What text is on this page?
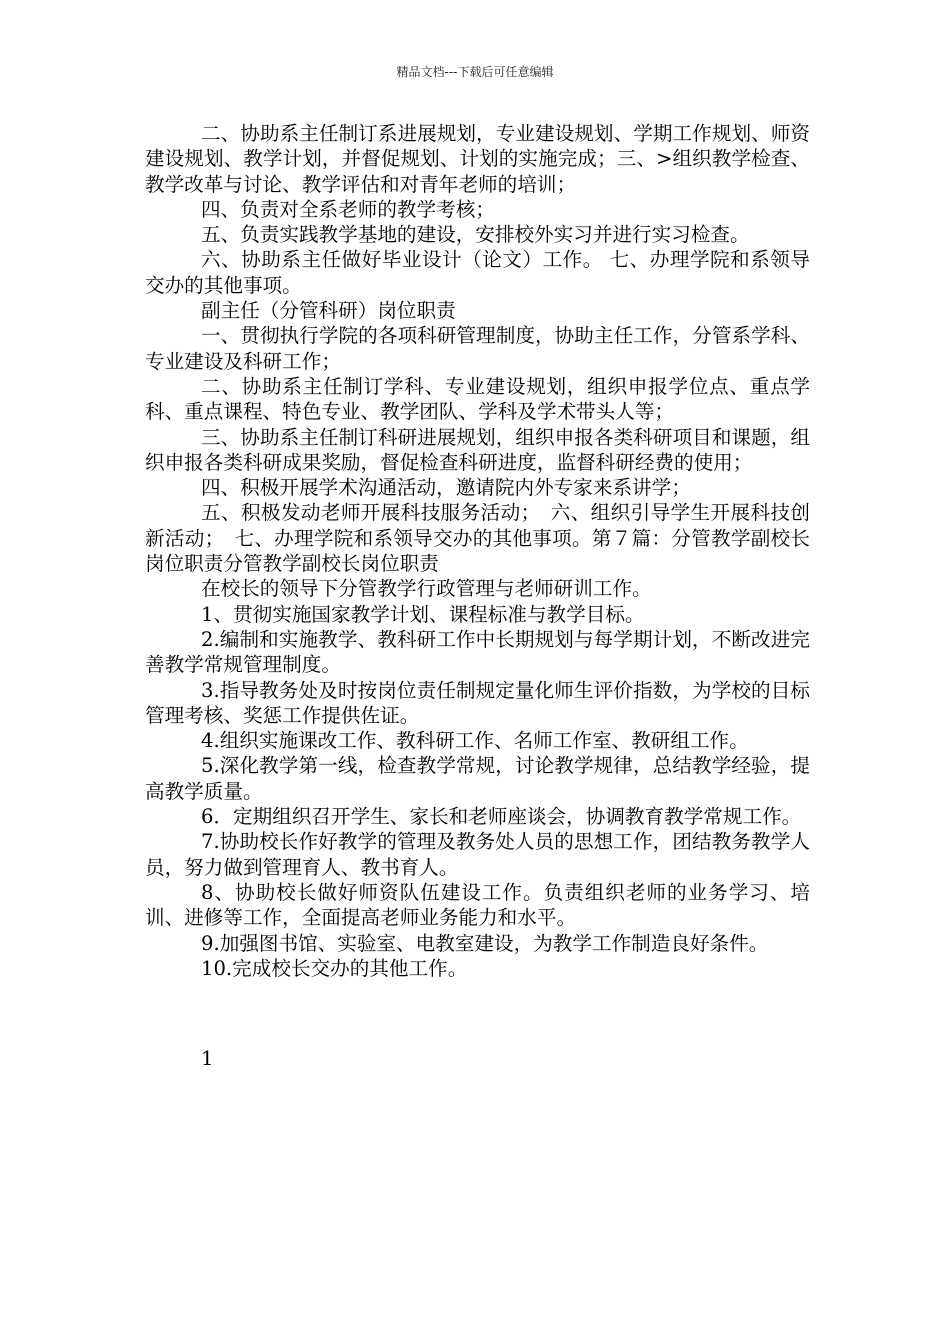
精品文档---下载后可任意编辑

二、协助系主任制订系进展规划，专业建设规划、学期工作规划、师资建设规划、教学计划，并督促规划、计划的实施完成；三、>组织教学检查、教学改革与讨论、教学评估和对青年老师的培训；

四、负责对全系老师的教学考核；

五、负责实践教学基地的建设，安排校外实习并进行实习检查。

六、协助系主任做好毕业设计（论文）工作。 七、办理学院和系领导交办的其他事项。

副主任（分管科研）岗位职责

一、贯彻执行学院的各项科研管理制度，协助主任工作，分管系学科、专业建设及科研工作；

二、协助系主任制订学科、专业建设规划，组织申报学位点、重点学科、重点课程、特色专业、教学团队、学科及学术带头人等；

三、协助系主任制订科研进展规划，组织申报各类科研项目和课题，组织申报各类科研成果奖励，督促检查科研进度，监督科研经费的使用；

四、积极开展学术沟通活动，邀请院内外专家来系讲学；

五、积极发动老师开展科技服务活动；　六、组织引导学生开展科技创新活动；　七、办理学院和系领导交办的其他事项。第７篇：分管教学副校长岗位职责分管教学副校长岗位职责

在校长的领导下分管教学行政管理与老师研训工作。

1、贯彻实施国家教学计划、课程标准与教学目标。

2.编制和实施教学、教科研工作中长期规划与每学期计划，不断改进完善教学常规管理制度。

3.指导教务处及时按岗位责任制规定量化师生评价指数，为学校的目标管理考核、奖惩工作提供佐证。

4.组织实施课改工作、教科研工作、名师工作室、教研组工作。

5.深化教学第一线，检查教学常规，讨论教学规律，总结教学经验，提高教学质量。

6．定期组织召开学生、家长和老师座谈会，协调教育教学常规工作。

7.协助校长作好教学的管理及教务处人员的思想工作，团结教务教学人员，努力做到管理育人、教书育人。

8、协助校长做好师资队伍建设工作。负责组织老师的业务学习、培训、进修等工作，全面提高老师业务能力和水平。

9.加强图书馆、实验室、电教室建设，为教学工作制造良好条件。

10.完成校长交办的其他工作。

1
